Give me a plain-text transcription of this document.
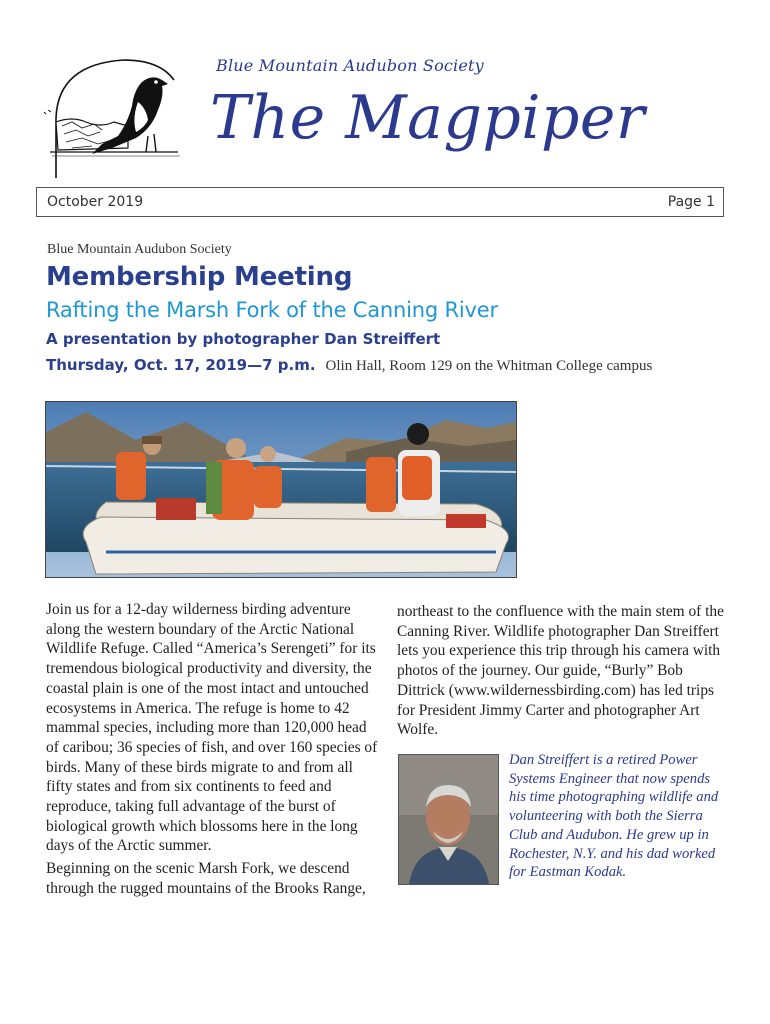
Blue Mountain Audubon Society
The Magpiper
October 2019	Page 1
Blue Mountain Audubon Society
Membership Meeting
Rafting the Marsh Fork of the Canning River
A presentation by photographer Dan Streiffert
Thursday, Oct. 17, 2019—7 p.m. Olin Hall, Room 129 on the Whitman College campus

Join us for a 12-day wilderness birding adventure along the western boundary of the Arctic National Wildlife Refuge. Called “America’s Serengeti” for its tremendous biological productivity and diversity, the coastal plain is one of the most intact and untouched ecosystems in America. The refuge is home to 42 mammal species, including more than 120,000 head of caribou; 36 species of fish, and over 160 species of birds. Many of these birds migrate to and from all fifty states and from six continents to feed and reproduce, taking full advantage of the burst of biological growth which blossoms here in the long days of the Arctic summer.

Beginning on the scenic Marsh Fork, we descend through the rugged mountains of the Brooks Range,

northeast to the confluence with the main stem of the Canning River. Wildlife photographer Dan Streiffert lets you experience this trip through his camera with photos of the journey. Our guide, “Burly” Bob Dittrick (www.wildernessbirding.com) has led trips for President Jimmy Carter and photographer Art Wolfe.

Dan Streiffert is a retired Power Systems Engineer that now spends his time photographing wildlife and volunteering with both the Sierra Club and Audubon. He grew up in Rochester, N.Y. and his dad worked for Eastman Kodak.
